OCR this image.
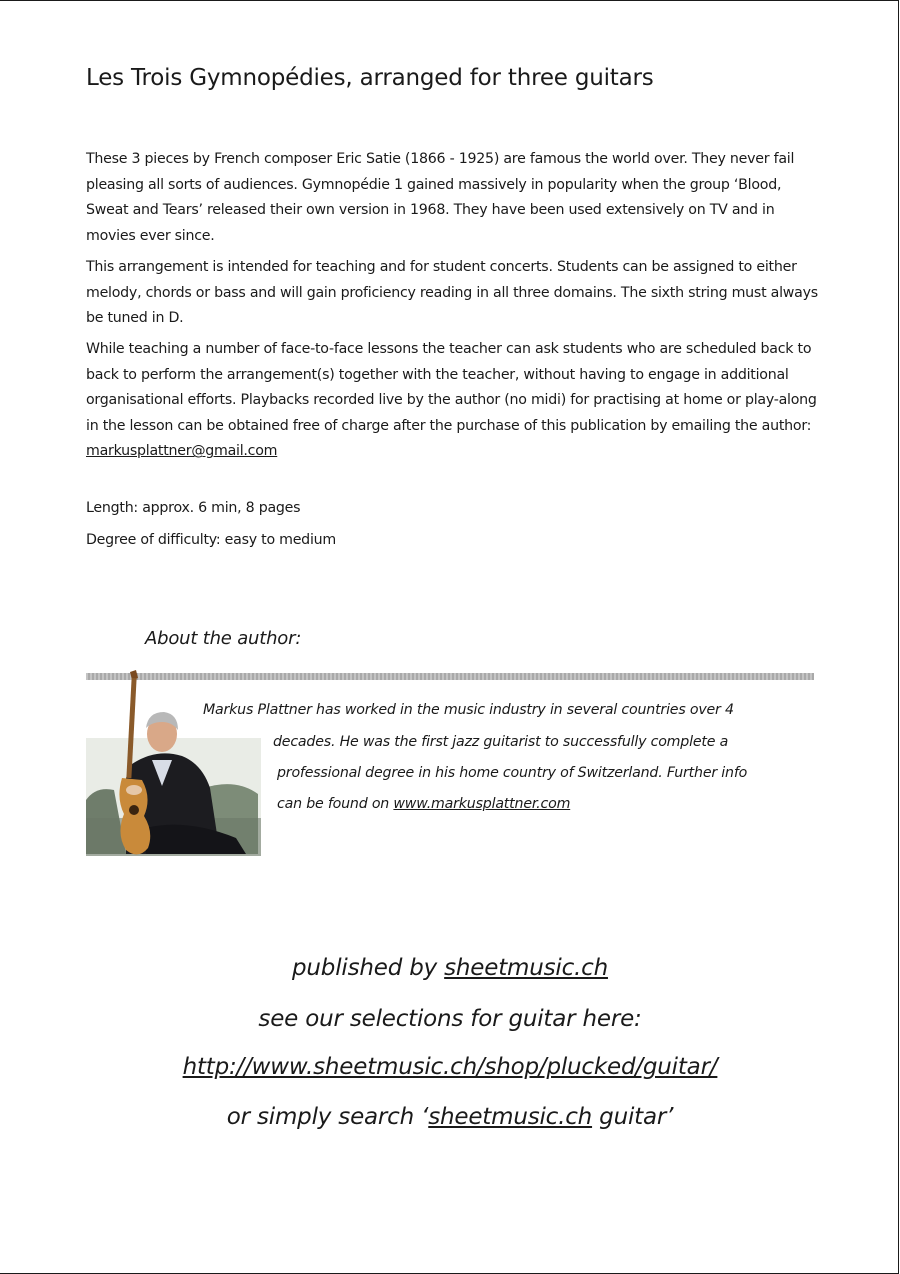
Les Trois Gymnopédies, arranged for three guitars

These 3 pieces by French composer Eric Satie (1866 - 1925) are famous the world over. They never fail pleasing all sorts of audiences. Gymnopédie 1 gained massively in popularity when the group ‘Blood, Sweat and Tears’ released their own version in 1968. They have been used extensively on TV and in movies ever since.

This arrangement is intended for teaching and for student concerts. Students can be assigned to either melody, chords or bass and will gain proficiency reading in all three domains. The sixth string must always be tuned in D.

While teaching a number of face-to-face lessons the teacher can ask students who are scheduled back to back to perform the arrangement(s) together with the teacher, without having to engage in additional organisational efforts. Playbacks recorded live by the author (no midi) for practising at home or play-along in the lesson can be obtained free of charge after the purchase of this publication by emailing the author: markusplattner@gmail.com

Length: approx. 6 min, 8 pages
Degree of difficulty: easy to medium
About the author:
Markus Plattner has worked in the music industry in several countries over 4
decades. He was the first jazz guitarist to successfully complete a
professional degree in his home country of Switzerland. Further info
can be found on www.markusplattner.com
published by sheetmusic.ch
see our selections for guitar here:
http://www.sheetmusic.ch/shop/plucked/guitar/
or simply search ‘sheetmusic.ch guitar’
